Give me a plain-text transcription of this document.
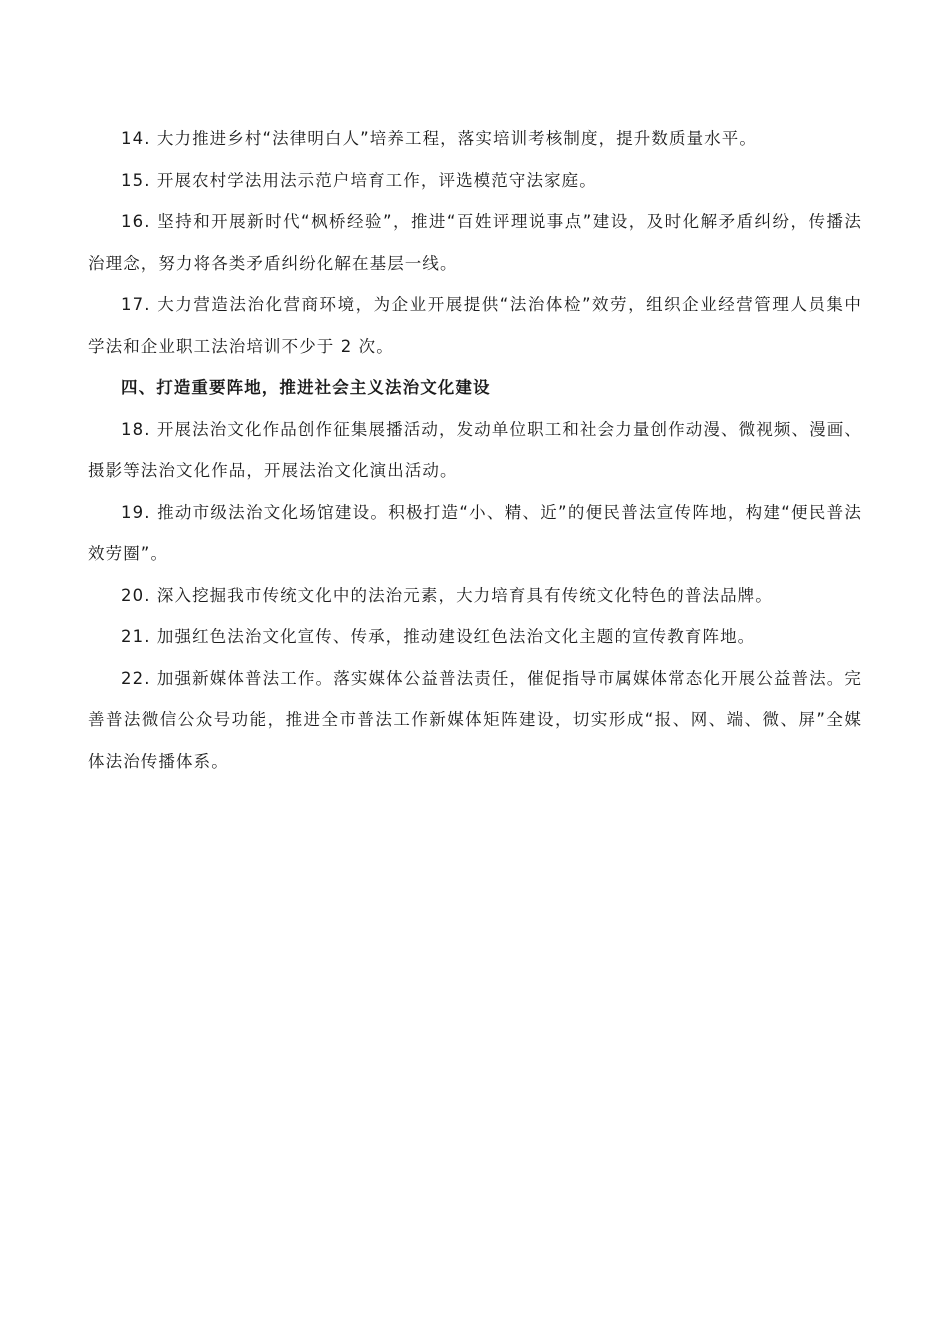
14. 大力推进乡村“法律明白人”培养工程，落实培训考核制度，提升数质量水平。

15. 开展农村学法用法示范户培育工作，评选模范守法家庭。

16. 坚持和开展新时代“枫桥经验”，推进“百姓评理说事点”建设，及时化解矛盾纠纷，传播法治理念，努力将各类矛盾纠纷化解在基层一线。

17. 大力营造法治化营商环境，为企业开展提供“法治体检”效劳，组织企业经营管理人员集中学法和企业职工法治培训不少于 2 次。

四、打造重要阵地，推进社会主义法治文化建设

18. 开展法治文化作品创作征集展播活动，发动单位职工和社会力量创作动漫、微视频、漫画、摄影等法治文化作品，开展法治文化演出活动。

19. 推动市级法治文化场馆建设。积极打造“小、精、近”的便民普法宣传阵地，构建“便民普法效劳圈”。

20. 深入挖掘我市传统文化中的法治元素，大力培育具有传统文化特色的普法品牌。

21. 加强红色法治文化宣传、传承，推动建设红色法治文化主题的宣传教育阵地。

22. 加强新媒体普法工作。落实媒体公益普法责任，催促指导市属媒体常态化开展公益普法。完善普法微信公众号功能，推进全市普法工作新媒体矩阵建设，切实形成“报、网、端、微、屏”全媒体法治传播体系。
